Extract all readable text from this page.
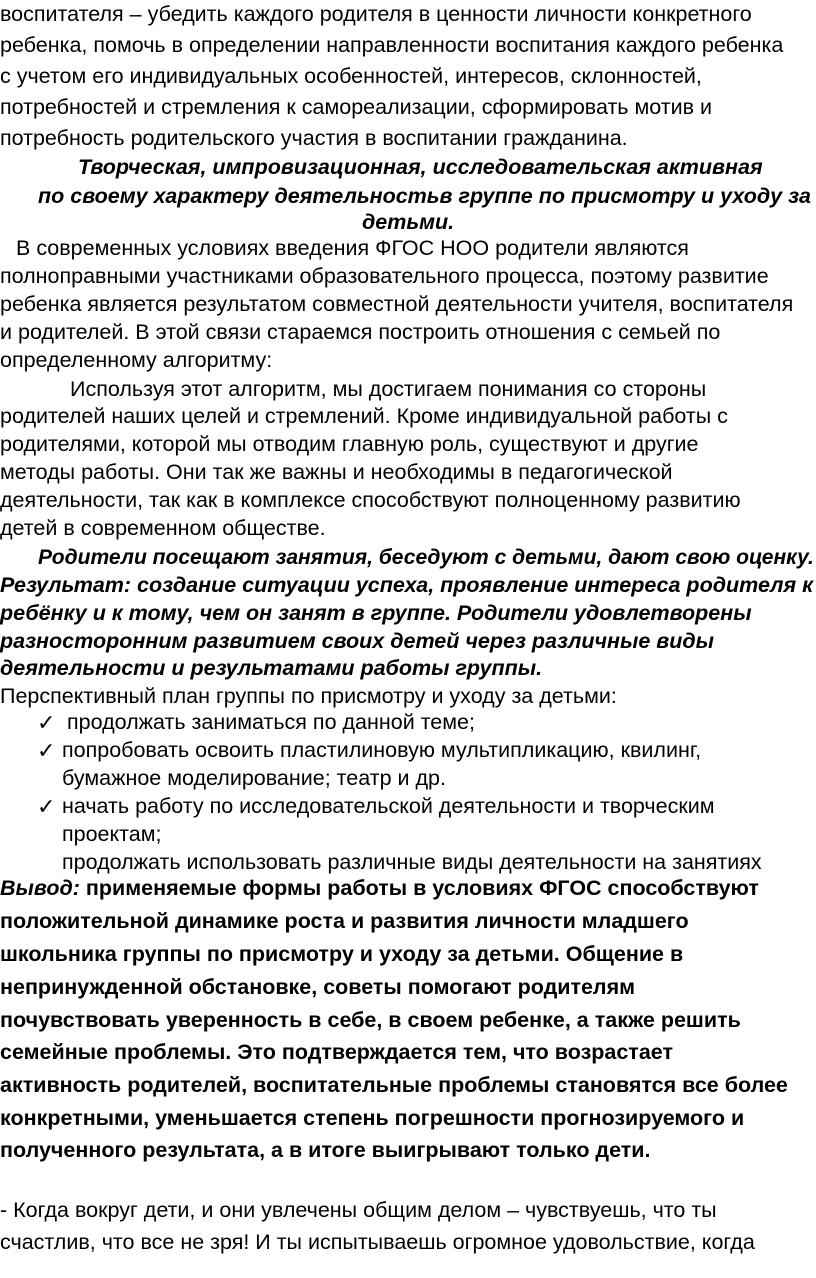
воспитателя – убедить каждого родителя в ценности личности конкретного
ребенка, помочь в определении направленности воспитания каждого ребенка
с учетом его индивидуальных особенностей, интересов, склонностей,
потребностей и стремления к самореализации, сформировать мотив и
потребность родительского участия в воспитании гражданина.
Творческая, импровизационная, исследовательская активная
по своему характеру деятельностьв группе по присмотру и уходу за
детьми.
В современных условиях введения ФГОС НОО родители являются
полноправными участниками образовательного процесса, поэтому развитие
ребенка является результатом совместной деятельности учителя, воспитателя
и родителей. В этой связи стараемся построить отношения с семьей по
определенному алгоритму:
Используя этот алгоритм, мы достигаем понимания со стороны
родителей наших целей и стремлений. Кроме индивидуальной работы с
родителями, которой мы отводим главную роль, существуют и другие
методы работы. Они так же важны и необходимы в педагогической
деятельности, так как в комплексе способствуют полноценному развитию
детей в современном обществе.
Родители посещают занятия, беседуют с детьми, дают свою оценку.
Результат: создание ситуации успеха, проявление интереса родителя к
ребёнку и к тому, чем он занят в группе. Родители удовлетворены
разносторонним развитием своих детей через различные виды
деятельности и результатами работы группы.
Перспективный план группы по присмотру и уходу за детьми:
✓ продолжать заниматься по данной теме;
✓ попробовать освоить пластилиновую мультипликацию, квилинг,
бумажное моделирование; театр и др.
✓ начать работу по исследовательской деятельности и творческим
проектам;
продолжать использовать различные виды деятельности на занятиях
Вывод: применяемые формы работы в условиях ФГОС способствуют
положительной динамике роста и развития личности младшего
школьника группы по присмотру и уходу за детьми. Общение в
непринужденной обстановке, советы помогают родителям
почувствовать уверенность в себе, в своем ребенке, а также решить
семейные проблемы. Это подтверждается тем, что возрастает
активность родителей, воспитательные проблемы становятся все более
конкретными, уменьшается степень погрешности прогнозируемого и
полученного результата, а в итоге выигрывают только дети.
- Когда вокруг дети, и они увлечены общим делом – чувствуешь, что ты
счастлив, что все не зря! И ты испытываешь огромное удовольствие, когда
